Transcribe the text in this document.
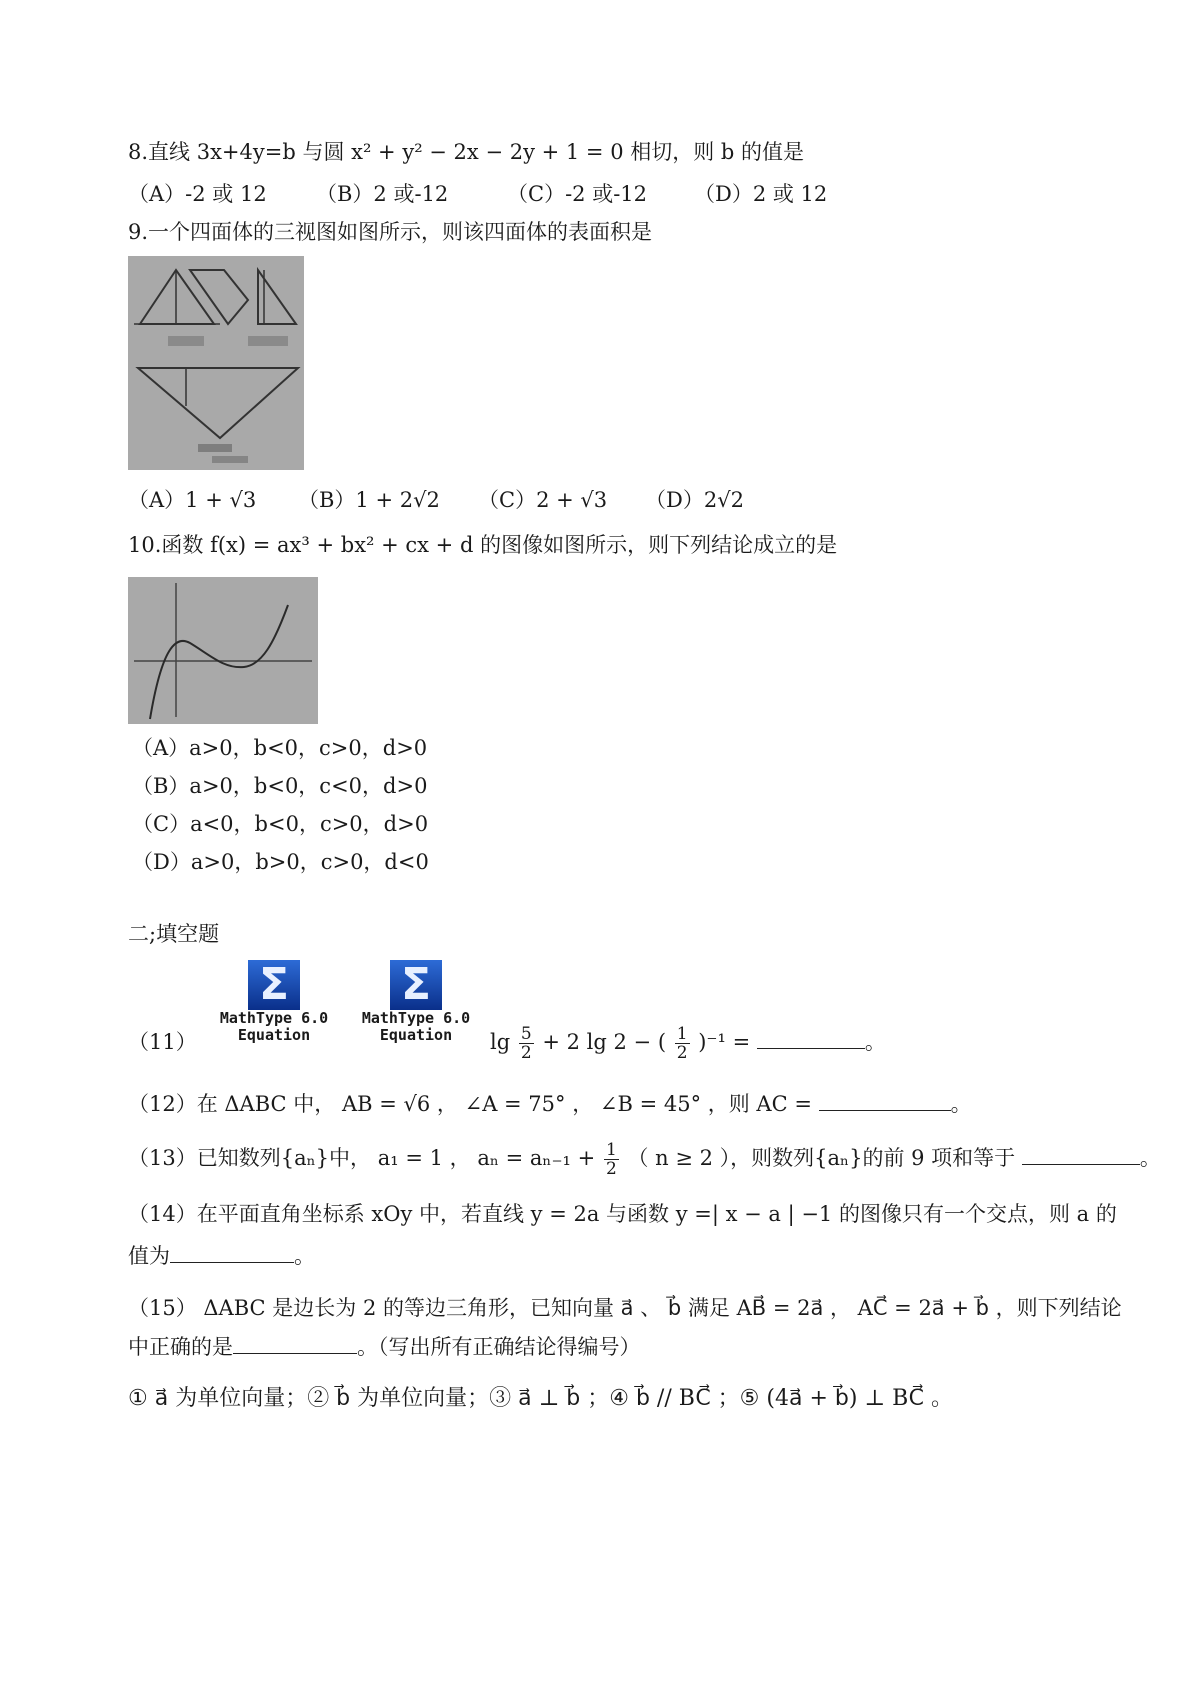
8.直线 3x+4y=b 与圆 x² + y² − 2x − 2y + 1 = 0 相切，则 b 的值是
（A）-2 或 12 （B）2 或-12	（C）-2 或-12 （D）2 或 12
9.一个四面体的三视图如图所示，则该四面体的表面积是
（A）1 + √3 （B）1 + 2√2 （C）2 + √3 （D）2√2
10.函数 f(x) = ax³ + bx² + cx + d 的图像如图所示，则下列结论成立的是
（A）a>0，b<0，c>0，d>0
（B）a>0，b<0，c<0，d>0
（C）a<0，b<0，c>0，d>0
（D）a>0，b>0，c>0，d<0
二;填空题
（11）
Σ
MathType 6.0
Equation
Σ
MathType 6.0
Equation	$\lg \frac{5}{2} + 2$ lg 2 − ( $\frac{1}{2} )^{-1}$ =	。
（12）在 ΔABC 中， AB = √6 ， ∠A = 75° ， ∠B = 45° ，则 AC =	。
（13）已知数列{aₙ}中， a₁ = 1 ， $a_n = a_{n-1} + \frac{1}{2}$ （ n ≥ 2 ），则数列{aₙ}的前 9 项和等于	。
（14）在平面直角坐标系 xOy 中，若直线 y = 2a 与函数 y =| x − a | −1 的图像只有一个交点，则 a 的
值为	。
（15） ΔABC 是边长为 2 的等边三角形，已知向量 a⃗ 、 b⃗ 满足 AB⃗ = 2a⃗ ， AC⃗ = 2a⃗ + b⃗ ，则下列结论
中正确的是	。（写出所有正确结论得编号）
① a⃗ 为单位向量；② b⃗ 为单位向量；③ a⃗ ⊥ b⃗ ；④ b⃗ // BC⃗ ；⑤ (4a⃗ + b⃗) ⊥ BC⃗ 。
